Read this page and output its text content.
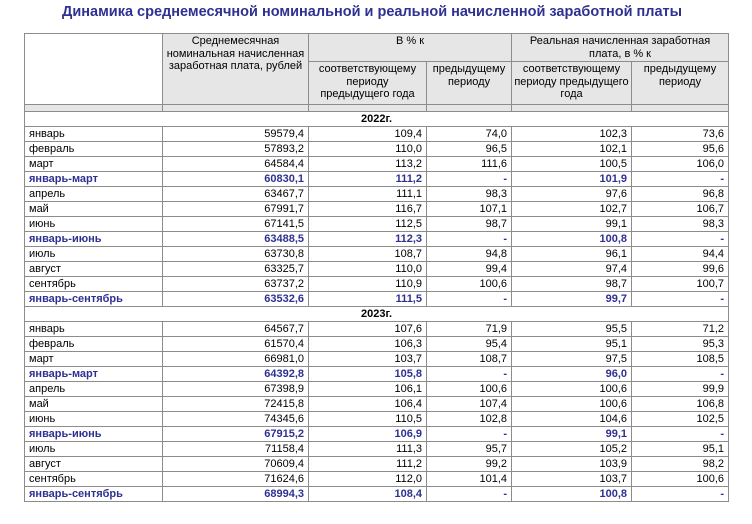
Динамика среднемесячной номинальной и реальной начисленной заработной платы
	Среднемесячная номинальная начисленная заработная плата, рублей	В % к		Реальная начисленная заработная плата, в % к	
		соответствующему периоду предыдущего года	предыдущему периоду	соответствующему периоду предыдущего года	предыдущему периоду

2022г.					
январь	59579,4	109,4	74,0	102,3	73,6
февраль	57893,2	110,0	96,5	102,1	95,6
март	64584,4	113,2	111,6	100,5	106,0
январь-март	60830,1	111,2	-	101,9	-
апрель	63467,7	111,1	98,3	97,6	96,8
май	67991,7	116,7	107,1	102,7	106,7
июнь	67141,5	112,5	98,7	99,1	98,3
январь-июнь	63488,5	112,3	-	100,8	-
июль	63730,8	108,7	94,8	96,1	94,4
август	63325,7	110,0	99,4	97,4	99,6
сентябрь	63737,2	110,9	100,6	98,7	100,7
январь-сентябрь	63532,6	111,5	-	99,7	-
2023г.					
январь	64567,7	107,6	71,9	95,5	71,2
февраль	61570,4	106,3	95,4	95,1	95,3
март	66981,0	103,7	108,7	97,5	108,5
январь-март	64392,8	105,8	-	96,0	-
апрель	67398,9	106,1	100,6	100,6	99,9
май	72415,8	106,4	107,4	100,6	106,8
июнь	74345,6	110,5	102,8	104,6	102,5
январь-июнь	67915,2	106,9	-	99,1	-
июль	71158,4	111,3	95,7	105,2	95,1
август	70609,4	111,2	99,2	103,9	98,2
сентябрь	71624,6	112,0	101,4	103,7	100,6
январь-сентябрь	68994,3	108,4	-	100,8	-
